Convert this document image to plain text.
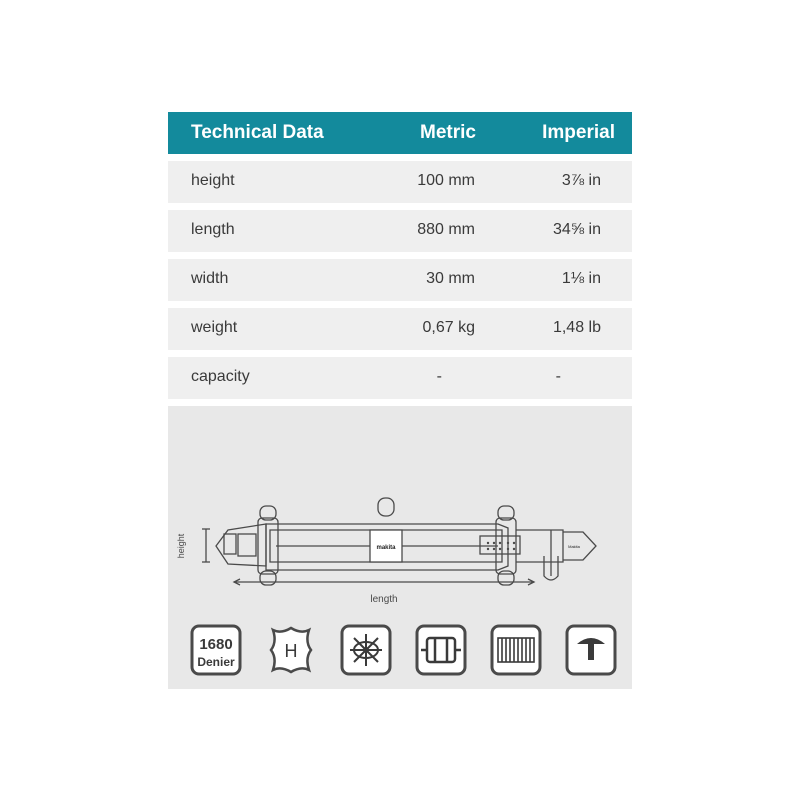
Technical Data	Metric	Imperial
height	100 mm	3⅞ in
length	880 mm	34⅝ in
width	30 mm	1⅛ in
weight	0,67 kg	1,48 lb
capacity	-	-
height
length
makita	Makita
1680
Denier
H
